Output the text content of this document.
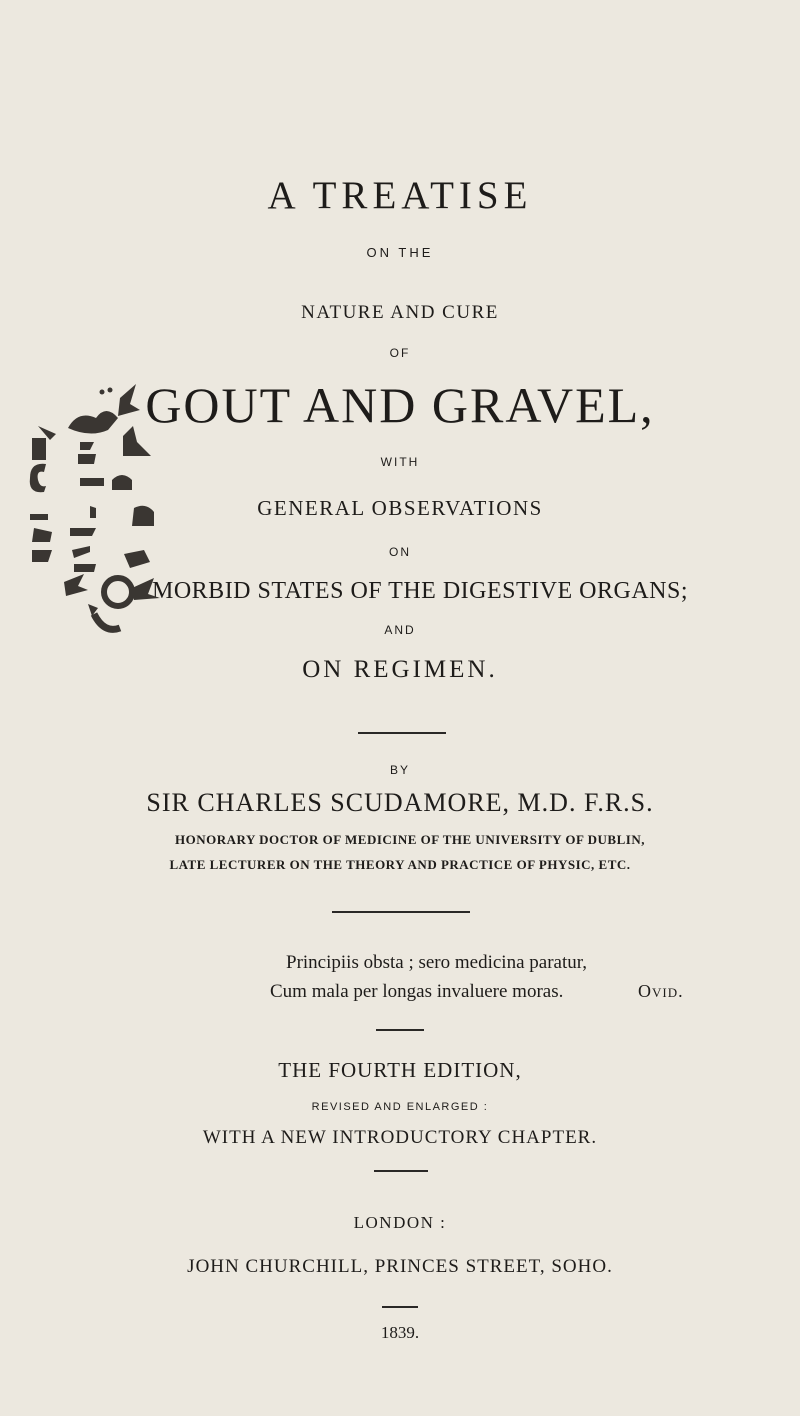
A TREATISE
ON THE
NATURE AND CURE
OF
GOUT AND GRAVEL,
WITH
GENERAL OBSERVATIONS
ON
MORBID STATES OF THE DIGESTIVE ORGANS;
AND
ON REGIMEN.
BY
SIR CHARLES SCUDAMORE, M.D. F.R.S.
HONORARY DOCTOR OF MEDICINE OF THE UNIVERSITY OF DUBLIN,
LATE LECTURER ON THE THEORY AND PRACTICE OF PHYSIC, ETC.
Principiis obsta ; sero medicina paratur,
Cum mala per longas invaluere moras.	Ovid.
THE FOURTH EDITION,
REVISED AND ENLARGED :
WITH A NEW INTRODUCTORY CHAPTER.
LONDON :
JOHN CHURCHILL, PRINCES STREET, SOHO.
1839.
